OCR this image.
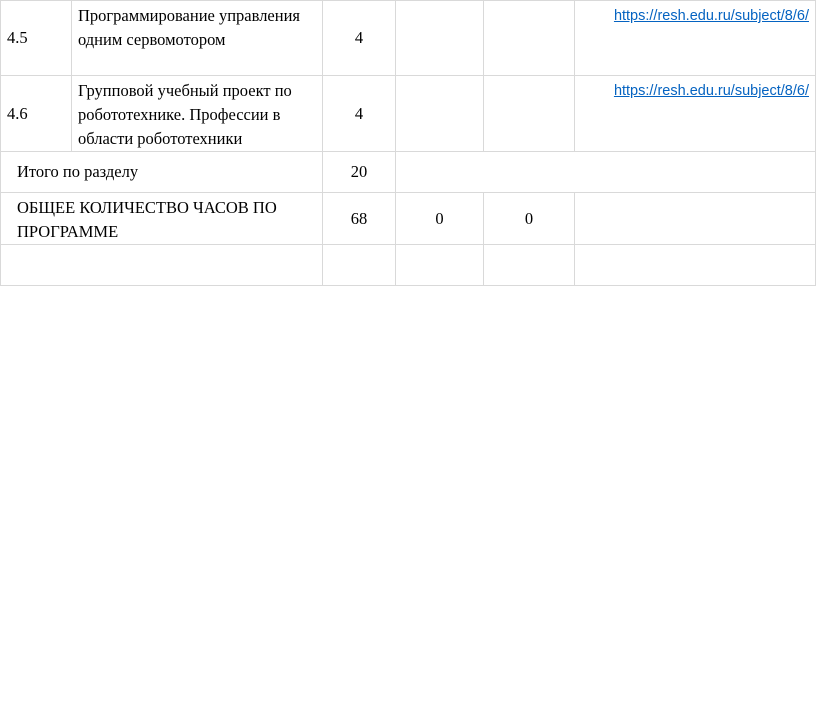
4.5	Программирование управления одним сервомотором	4			https://resh.edu.ru/subject/8/6/
4.6	Групповой учебный проект по робототехнике. Профессии в области робототехники	4			https://resh.edu.ru/subject/8/6/
Итого по разделу		20			
ОБЩЕЕ КОЛИЧЕСТВО ЧАСОВ ПО ПРОГРАММЕ		68	0	0	
